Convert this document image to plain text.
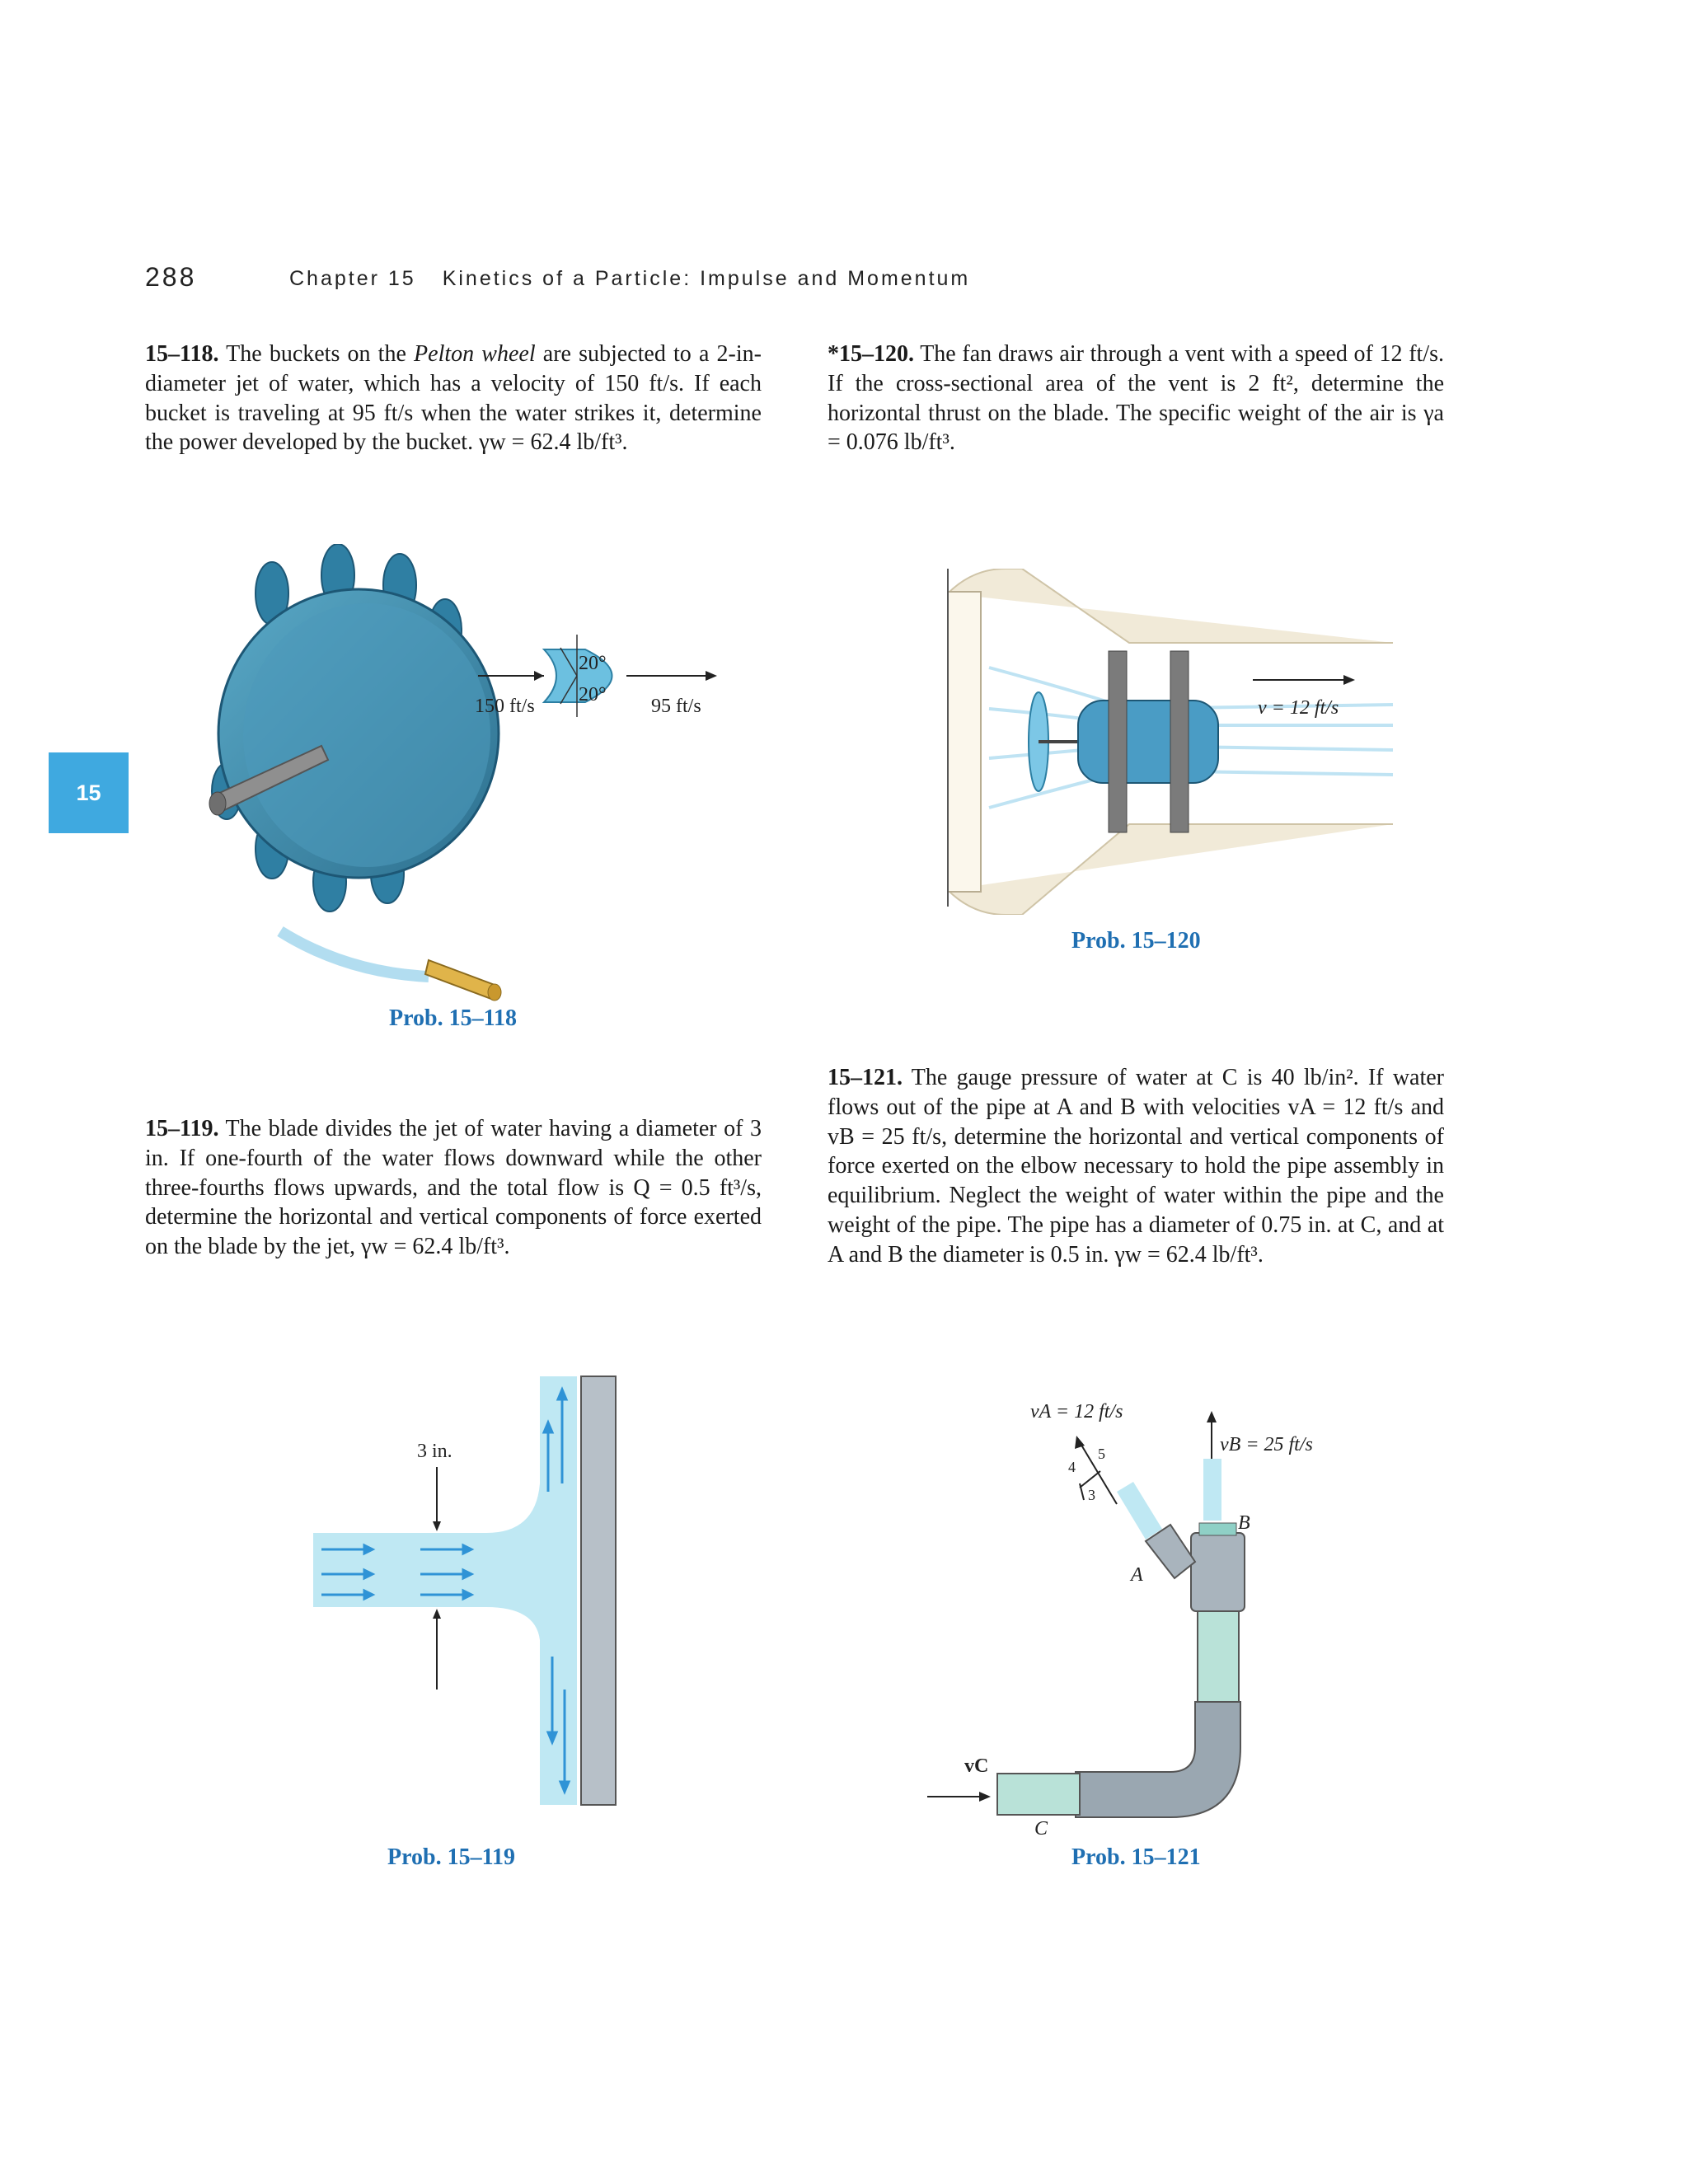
288	Chapter 15 Kinetics of a Particle: Impulse and Momentum
15
15–118. The buckets on the Pelton wheel are subjected to a 2-in-diameter jet of water, which has a velocity of 150 ft/s. If each bucket is traveling at 95 ft/s when the water strikes it, determine the power developed by the bucket. γw = 62.4 lb/ft³.
*15–120. The fan draws air through a vent with a speed of 12 ft/s. If the cross-sectional area of the vent is 2 ft², determine the horizontal thrust on the blade. The specific weight of the air is γa = 0.076 lb/ft³.
20°
20°
150 ft/s	95 ft/s
Prob. 15–118
v = 12 ft/s
Prob. 15–120
15–119. The blade divides the jet of water having a diameter of 3 in. If one-fourth of the water flows downward while the other three-fourths flows upwards, and the total flow is Q = 0.5 ft³/s, determine the horizontal and vertical components of force exerted on the blade by the jet, γw = 62.4 lb/ft³.
15–121. The gauge pressure of water at C is 40 lb/in². If water flows out of the pipe at A and B with velocities vA = 12 ft/s and vB = 25 ft/s, determine the horizontal and vertical components of force exerted on the elbow necessary to hold the pipe assembly in equilibrium. Neglect the weight of water within the pipe and the weight of the pipe. The pipe has a diameter of 0.75 in. at C, and at A and B the diameter is 0.5 in. γw = 62.4 lb/ft³.
3 in.
Prob. 15–119
vA = 12 ft/s
vB = 25 ft/s
4
5
3
vC
A
B
C
Prob. 15–121
